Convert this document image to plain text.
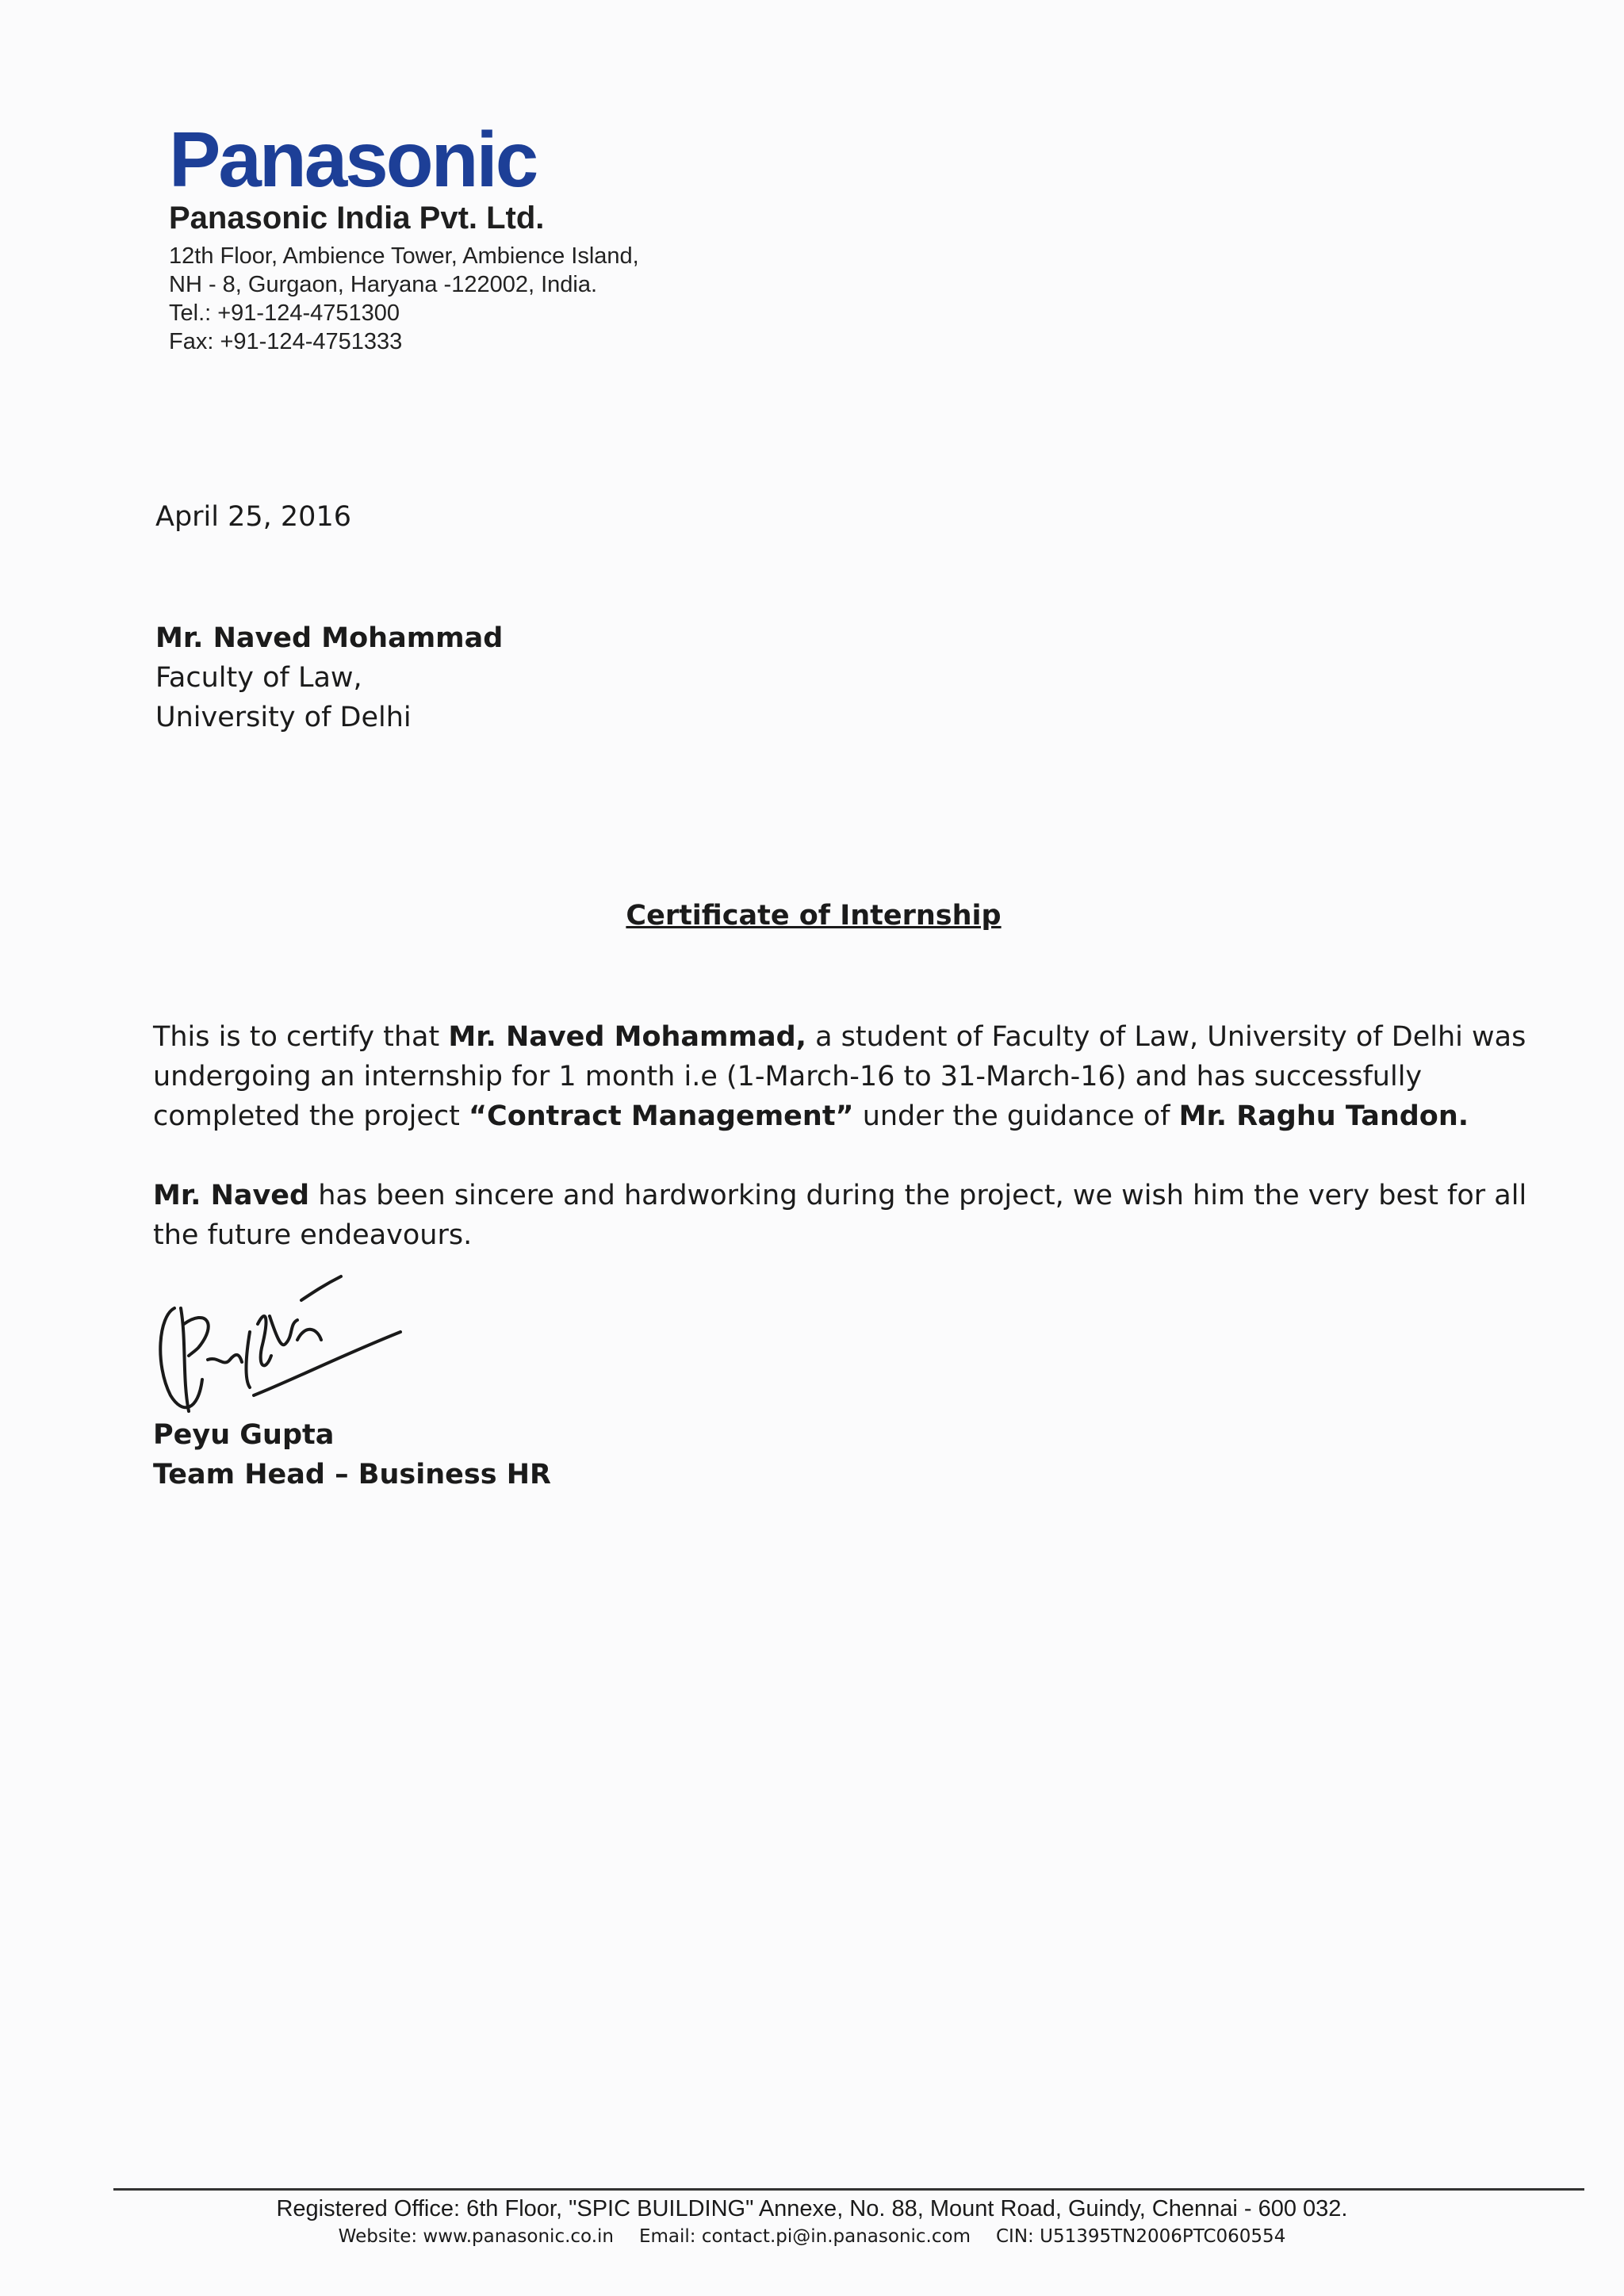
Panasonic
Panasonic India Pvt. Ltd.
12th Floor, Ambience Tower, Ambience Island,
NH - 8, Gurgaon, Haryana -122002, India.
Tel.: +91-124-4751300
Fax: +91-124-4751333
April 25, 2016
Mr. Naved Mohammad
Faculty of Law,
University of Delhi
Certificate of Internship
This is to certify that Mr. Naved Mohammad, a student of Faculty of Law, University of Delhi was
undergoing an internship for 1 month i.e (1-March-16 to 31-March-16) and has successfully
completed the project “Contract Management” under the guidance of Mr. Raghu Tandon.
Mr. Naved has been sincere and hardworking during the project, we wish him the very best for all
the future endeavours.
Peyu Gupta
Team Head – Business HR
Registered Office: 6th Floor, "SPIC BUILDING" Annexe, No. 88, Mount Road, Guindy, Chennai - 600 032.
Website: www.panasonic.co.in Email: contact.pi@in.panasonic.com CIN: U51395TN2006PTC060554
